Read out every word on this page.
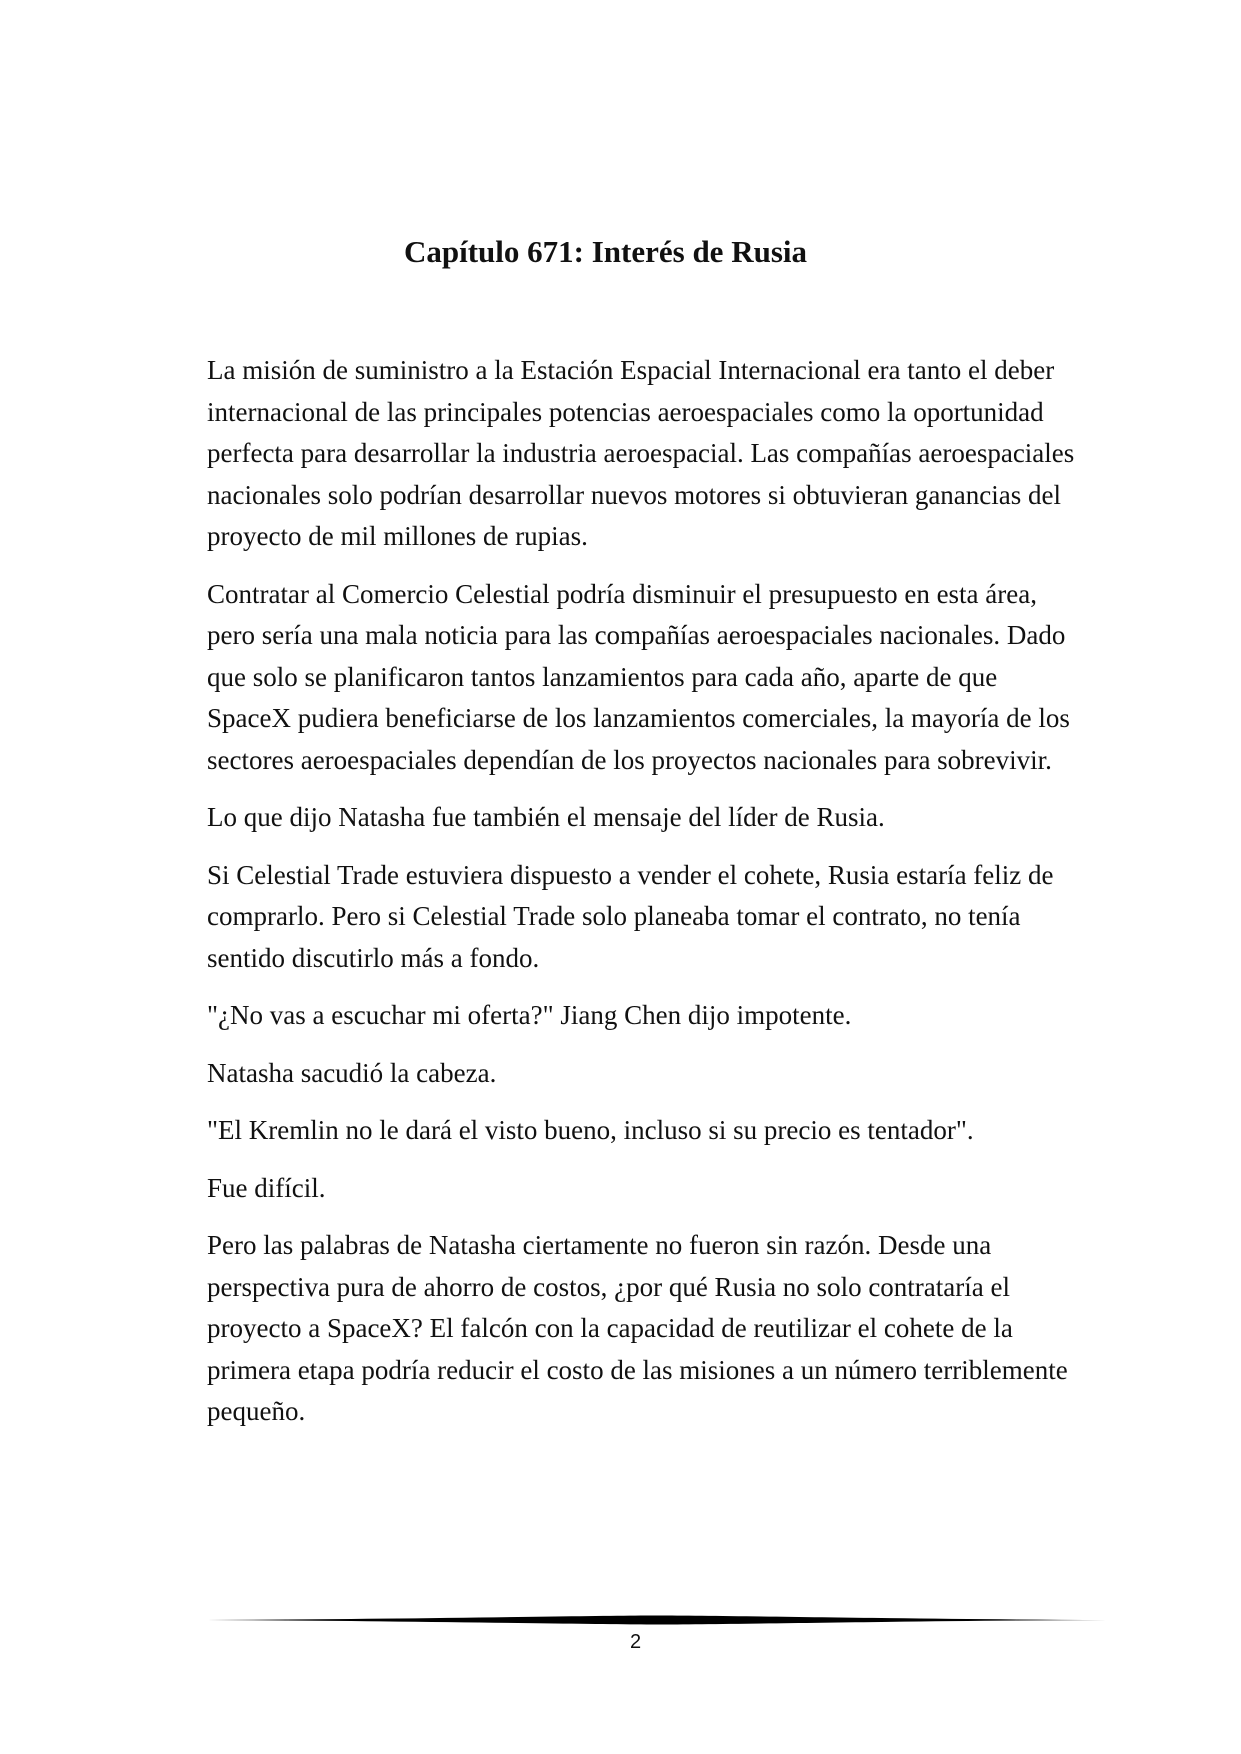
Capítulo 671: Interés de Rusia

La misión de suministro a la Estación Espacial Internacional era tanto el deber internacional de las principales potencias aeroespaciales como la oportunidad perfecta para desarrollar la industria aeroespacial. Las compañías aeroespaciales nacionales solo podrían desarrollar nuevos motores si obtuvieran ganancias del proyecto de mil millones de rupias.

Contratar al Comercio Celestial podría disminuir el presupuesto en esta área, pero sería una mala noticia para las compañías aeroespaciales nacionales. Dado que solo se planificaron tantos lanzamientos para cada año, aparte de que SpaceX pudiera beneficiarse de los lanzamientos comerciales, la mayoría de los sectores aeroespaciales dependían de los proyectos nacionales para sobrevivir.

Lo que dijo Natasha fue también el mensaje del líder de Rusia.

Si Celestial Trade estuviera dispuesto a vender el cohete, Rusia estaría feliz de comprarlo. Pero si Celestial Trade solo planeaba tomar el contrato, no tenía sentido discutirlo más a fondo.

"¿No vas a escuchar mi oferta?" Jiang Chen dijo impotente.

Natasha sacudió la cabeza.

"El Kremlin no le dará el visto bueno, incluso si su precio es tentador".

Fue difícil.

Pero las palabras de Natasha ciertamente no fueron sin razón. Desde una perspectiva pura de ahorro de costos, ¿por qué Rusia no solo contrataría el proyecto a SpaceX? El falcón con la capacidad de reutilizar el cohete de la primera etapa podría reducir el costo de las misiones a un número terriblemente pequeño.

2
